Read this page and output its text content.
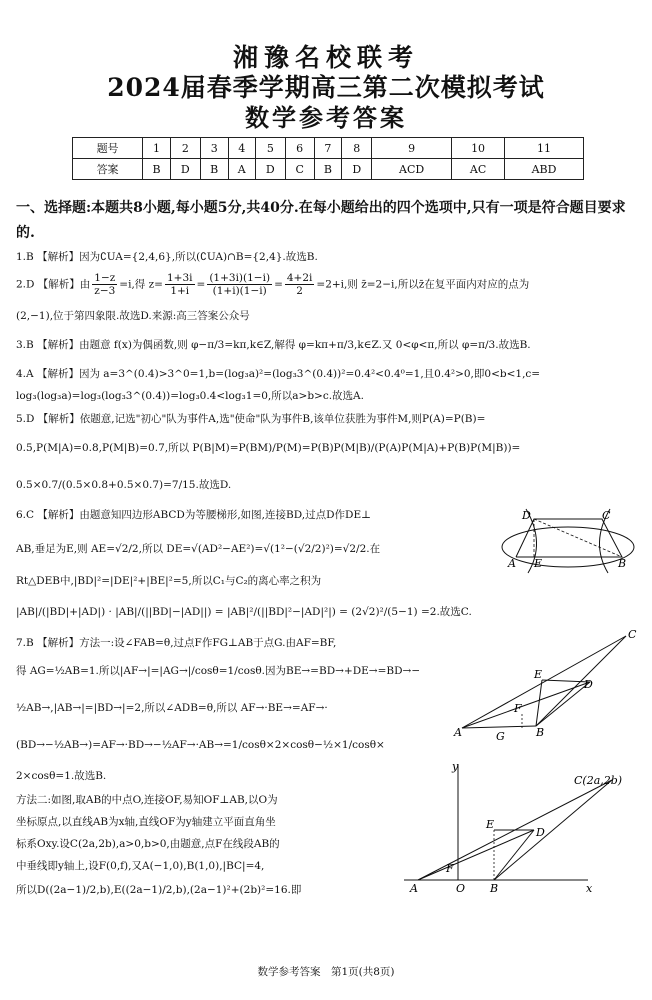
湘豫名校联考
2024届春季学期高三第二次模拟考试
数学参考答案
题号	1	2	3	4	5	6	7	8	9	10	11
答案	B	D	B	A	D	C	B	D	ACD	AC	ABD
一、选择题:本题共8小题,每小题5分,共40分.在每小题给出的四个选项中,只有一项是符合题目要求的.
1.B 【解析】因为∁UA={2,4,6},所以(∁UA)∩B={2,4}.故选B.
2.D 【解析】由 $\frac{1-z}{z-3} =i$,得 $z= \frac{1+3i}{1+i} = \frac{(1+3i)(1-i)}{(1+i)(1-i)} = \frac{4+2i}{2} =2+i$,则 z̄=2−i,所以z̄在复平面内对应的点为
(2,−1),位于第四象限.故选D.来源:高三答案公众号
3.B 【解析】由题意 f(x)为偶函数,则 φ−π/3=kπ,k∈Z,解得 φ=kπ+π/3,k∈Z.又 0<φ<π,所以 φ=π/3.故选B.
4.A 【解析】因为 a=3^(0.4)>3^0=1,b=(log₃a)²=(log₃3^(0.4))²=0.4²<0.4⁰=1,且0.4²>0,即0<b<1,c=
log₃(log₃a)=log₃(log₃3^(0.4))=log₃0.4<log₃1=0,所以a>b>c.故选A.
5.D 【解析】依题意,记选"初心"队为事件A,选"使命"队为事件B,该单位获胜为事件M,则P(A)=P(B)=
0.5,P(M|A)=0.8,P(M|B)=0.7,所以 P(B|M)=P(BM)/P(M)=P(B)P(M|B)/(P(A)P(M|A)+P(B)P(M|B))=
0.5×0.7/(0.5×0.8+0.5×0.7)=7/15.故选D.
6.C 【解析】由题意知四边形ABCD为等腰梯形,如图,连接BD,过点D作DE⊥
AB,垂足为E,则 AE=√2/2,所以 DE=√(AD²−AE²)=√(1²−(√2/2)²)=√2/2.在
Rt△DEB中,|BD|²=|DE|²+|BE|²=5,所以C₁与C₂的离心率之积为
|AB|/(|BD|+|AD|) · |AB|/(||BD|−|AD||) = |AB|²/(||BD|²−|AD|²|) = (2√2)²/(5−1) =2.故选C.
7.B 【解析】方法一:设∠FAB=θ,过点F作FG⊥AB于点G.由AF=BF,
得 AG=½AB=1.所以|AF→|=|AG→|/cosθ=1/cosθ.因为BE→=BD→+DE→=BD→−
½AB→,|AB→|=|BD→|=2,所以∠ADB=θ,所以 AF→·BE→=AF→·
(BD→−½AB→)=AF→·BD→−½AF→·AB→=1/cosθ×2×cosθ−½×1/cosθ×
2×cosθ=1.故选B.
方法二:如图,取AB的中点O,连接OF,易知OF⊥AB,以O为
坐标原点,以直线AB为x轴,直线OF为y轴建立平面直角坐
标系Oxy.设C(2a,2b),a>0,b>0,由题意,点F在线段AB的
中垂线即y轴上,设F(0,f),又A(−1,0),B(1,0),|BC|=4,
所以D((2a−1)/2,b),E((2a−1)/2,b),(2a−1)²+(2b)²=16.即
D	C
A E	B
A	G
F
E
D
B
C
y
x
A	O B
F
E
D
C(2a,2b)
数学参考答案　第1页(共8页)
